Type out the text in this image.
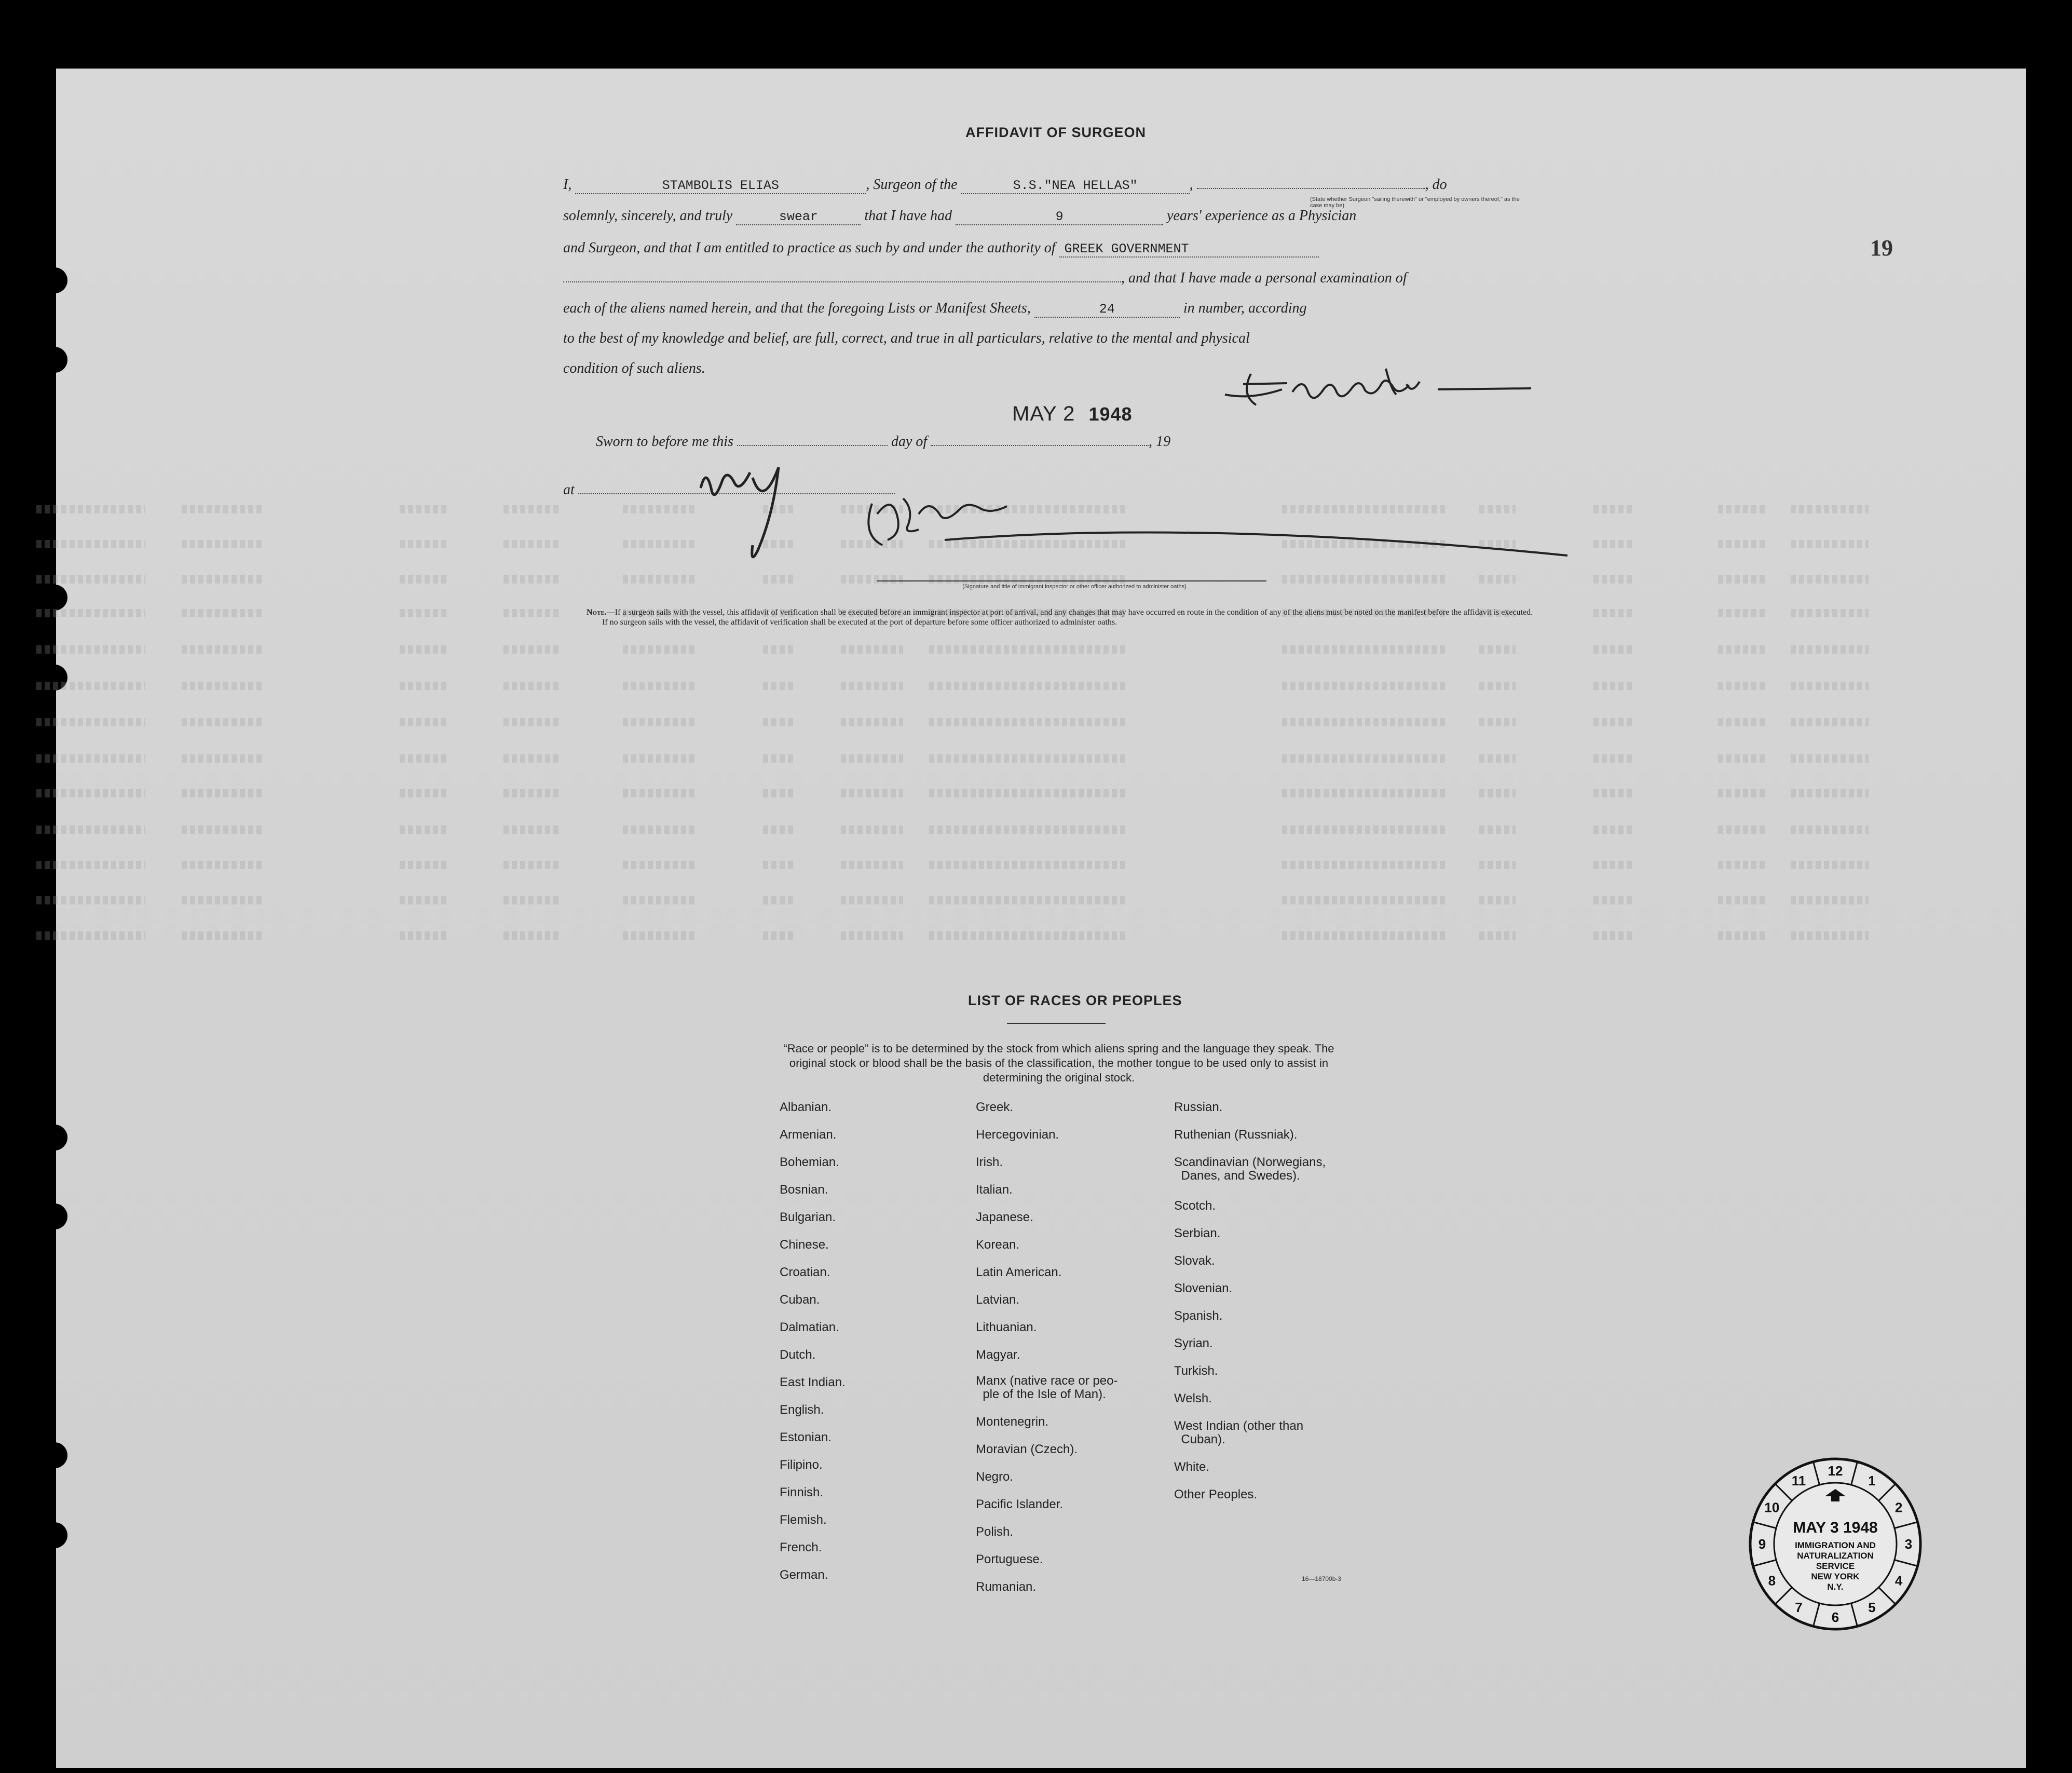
19
AFFIDAVIT OF SURGEON
I,	STAMBOLIS ELIAS	, Surgeon of the	S.S."NEA HELLAS"	,	, do
(State whether Surgeon "sailing therewith" or "employed by owners thereof," as the case may be)
solemnly, sincerely, and truly	swear	that I have had	9	years' experience as a Physician
and Surgeon, and that I am entitled to practice as such by and under the authority of GREEK GOVERNMENT
, and that I have made a personal examination of
each of the aliens named herein, and that the foregoing Lists or Manifest Sheets,	24	in number, according
to the best of my knowledge and belief, are full, correct, and true in all particulars, relative to the mental and physical
condition of such aliens.
MAY 2 1948
Sworn to before me this	day of	, 19
at
(Signature and title of immigrant inspector or other officer authorized to administer oaths)
Note.—If a surgeon sails with the vessel, this affidavit of verification shall be executed before an immigrant inspector at port of arrival, and any changes that may have occurred en route in the condition of any of the aliens must be noted on the manifest before the affidavit is executed.
If no surgeon sails with the vessel, the affidavit of verification shall be executed at the port of departure before some officer authorized to administer oaths.
LIST OF RACES OR PEOPLES
“Race or people” is to be determined by the stock from which aliens spring and the language they speak. The original stock or blood shall be the basis of the classification, the mother tongue to be used only to assist in determining the original stock.
Albanian.
Armenian.
Bohemian.
Bosnian.
Bulgarian.
Chinese.
Croatian.
Cuban.
Dalmatian.
Dutch.
East Indian.
English.
Estonian.
Filipino.
Finnish.
Flemish.
French.
German.
Greek.
Hercegovinian.
Irish.
Italian.
Japanese.
Korean.
Latin American.
Latvian.
Lithuanian.
Magyar.
Manx (native race or peo-
ple of the Isle of Man).
Montenegrin.
Moravian (Czech).
Negro.
Pacific Islander.
Polish.
Portuguese.
Rumanian.
Russian.
Ruthenian (Russniak).
Scandinavian (Norwegians,
Danes, and Swedes).
Scotch.
Serbian.
Slovak.
Slovenian.
Spanish.
Syrian.
Turkish.
Welsh.
West Indian (other than
Cuban).
White.
Other Peoples.
16—18700b-3
12
1
2
3
4
5
6
7
8
9
10
11
MAY 3 1948
IMMIGRATION AND
NATURALIZATION
SERVICE
NEW YORK
N.Y.
